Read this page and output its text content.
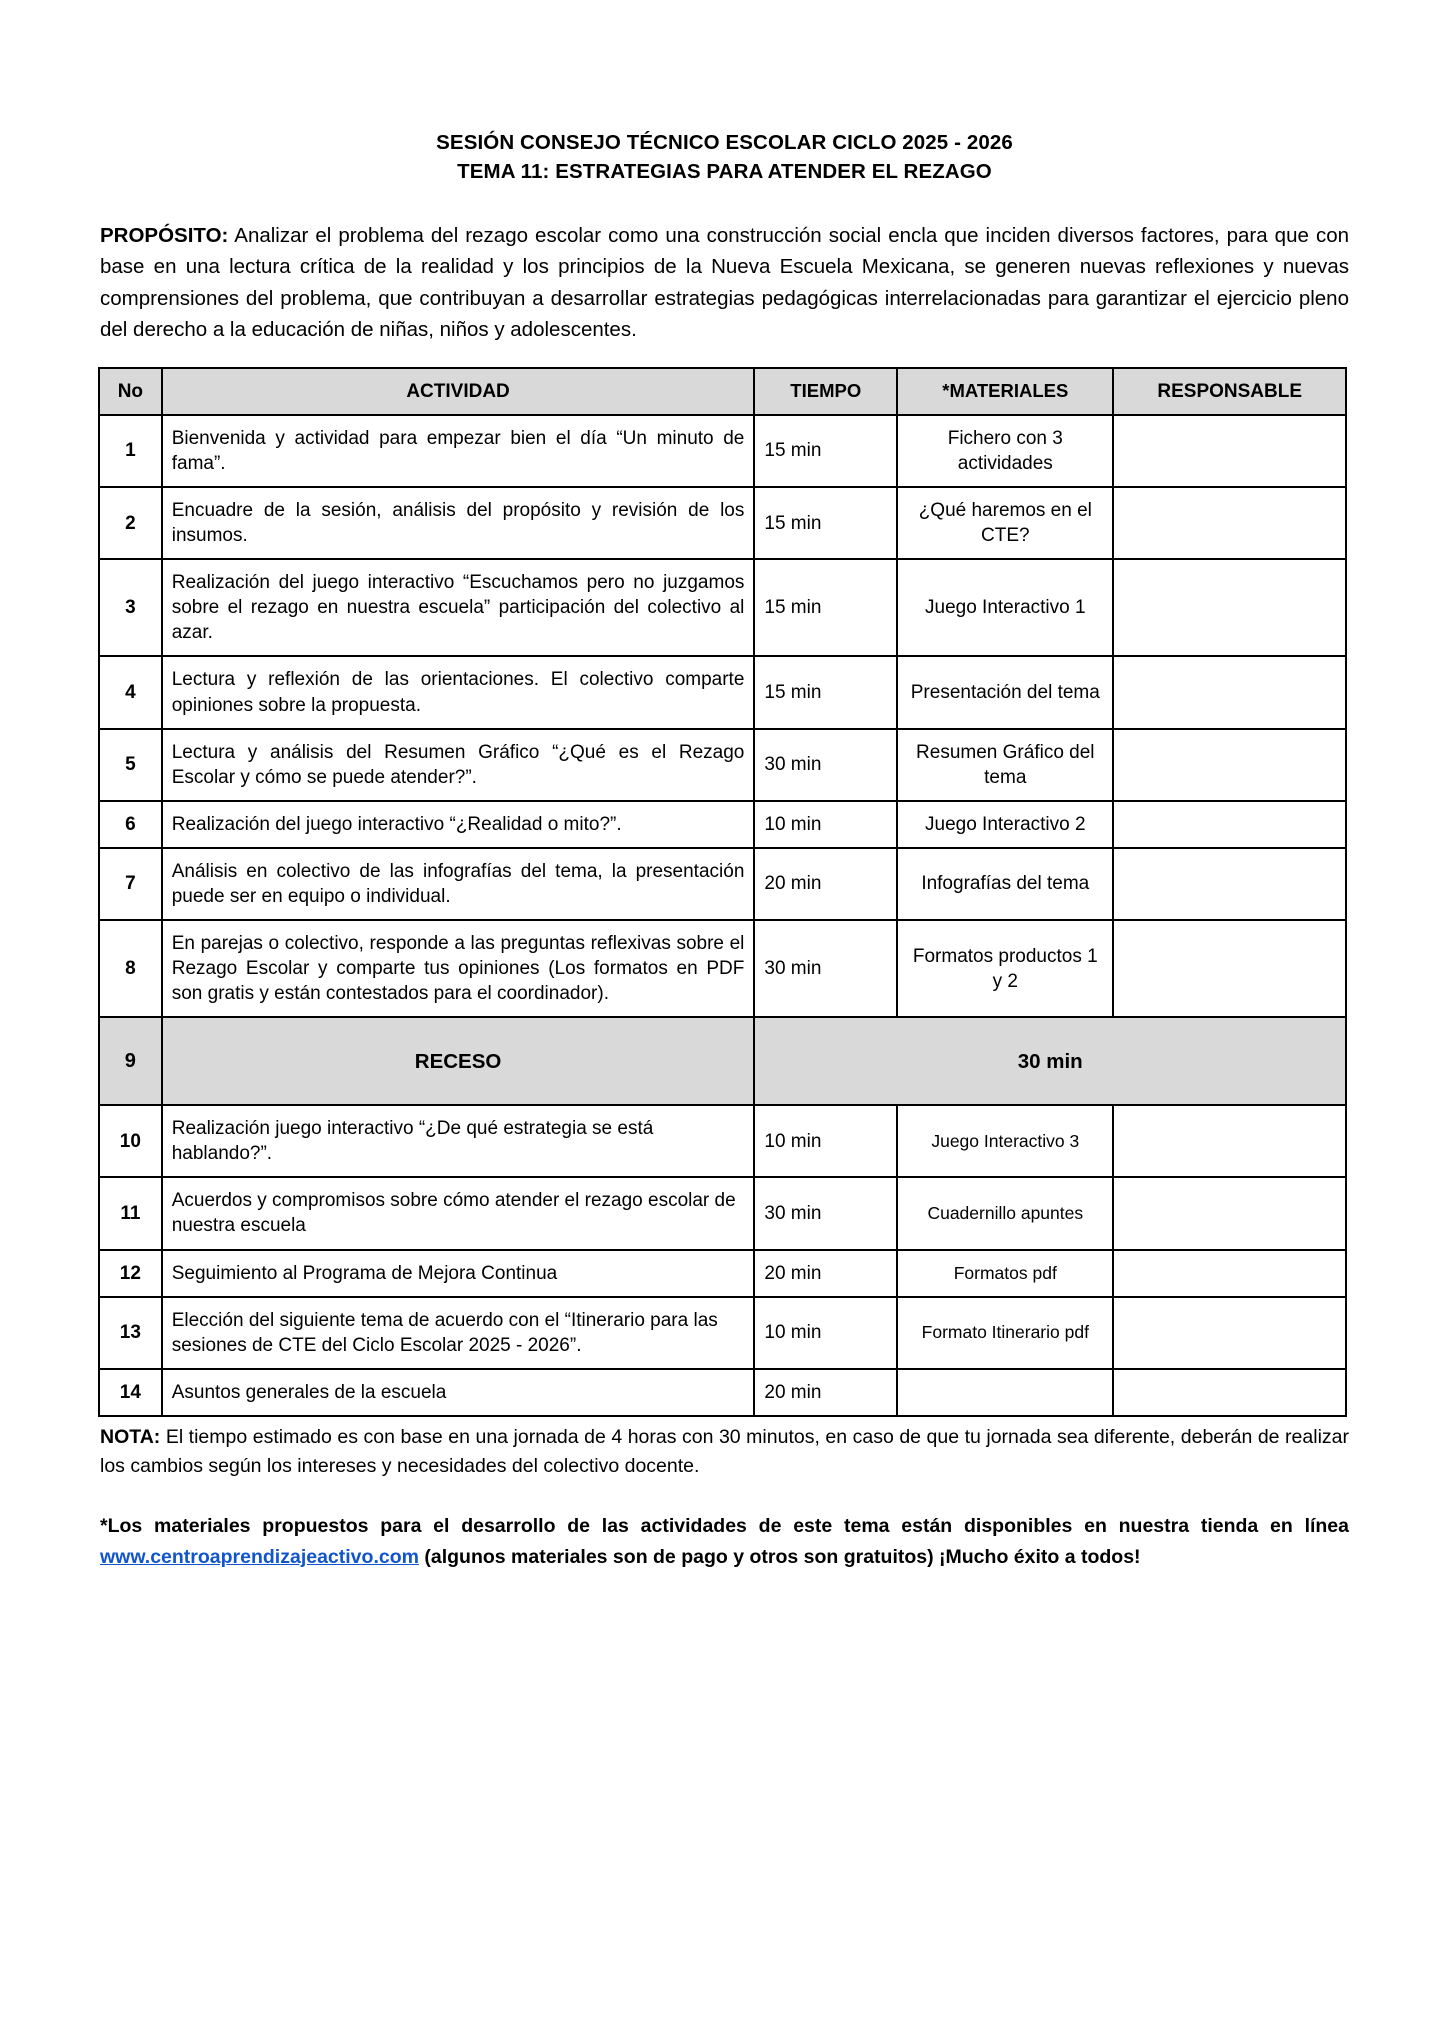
SESIÓN CONSEJO TÉCNICO ESCOLAR CICLO 2025 - 2026
TEMA 11: ESTRATEGIAS PARA ATENDER EL REZAGO

PROPÓSITO: Analizar el problema del rezago escolar como una construcción social encla que inciden diversos factores, para que con base en una lectura crítica de la realidad y los principios de la Nueva Escuela Mexicana, se generen nuevas reflexiones y nuevas comprensiones del problema, que contribuyan a desarrollar estrategias pedagógicas interrelacionadas para garantizar el ejercicio pleno del derecho a la educación de niñas, niños y adolescentes.

No	ACTIVIDAD	TIEMPO	*MATERIALES	RESPONSABLE
1	Bienvenida y actividad para empezar bien el día “Un minuto de fama”.	15 min	Fichero con 3 actividades	
2	Encuadre de la sesión, análisis del propósito y revisión de los insumos.	15 min	¿Qué haremos en el CTE?	
3	Realización del juego interactivo “Escuchamos pero no juzgamos sobre el rezago en nuestra escuela” participación del colectivo al azar.	15 min	Juego Interactivo 1	
4	Lectura y reflexión de las orientaciones. El colectivo comparte opiniones sobre la propuesta.	15 min	Presentación del tema	
5	Lectura y análisis del Resumen Gráfico “¿Qué es el Rezago Escolar y cómo se puede atender?”.	30 min	Resumen Gráfico del tema	
6	Realización del juego interactivo “¿Realidad o mito?”.	10 min	Juego Interactivo 2	
7	Análisis en colectivo de las infografías del tema, la presentación puede ser en equipo o individual.	20 min	Infografías del tema	
8	En parejas o colectivo, responde a las preguntas reflexivas sobre el Rezago Escolar y comparte tus opiniones (Los formatos en PDF son gratis y están contestados para el coordinador).	30 min	Formatos productos 1 y 2	
9	RECESO	30 min		
10	Realización juego interactivo “¿De qué estrategia se está hablando?”.	10 min	Juego Interactivo 3	
11	Acuerdos y compromisos sobre cómo atender el rezago escolar de nuestra escuela	30 min	Cuadernillo apuntes	
12	Seguimiento al Programa de Mejora Continua	20 min	Formatos pdf	
13	Elección del siguiente tema de acuerdo con el “Itinerario para las sesiones de CTE del Ciclo Escolar 2025 - 2026”.	10 min	Formato Itinerario pdf	
14	Asuntos generales de la escuela	20 min		

NOTA: El tiempo estimado es con base en una jornada de 4 horas con 30 minutos, en caso de que tu jornada sea diferente, deberán de realizar los cambios según los intereses y necesidades del colectivo docente.

*Los materiales propuestos para el desarrollo de las actividades de este tema están disponibles en nuestra tienda en línea www.centroaprendizajeactivo.com (algunos materiales son de pago y otros son gratuitos) ¡Mucho éxito a todos!
